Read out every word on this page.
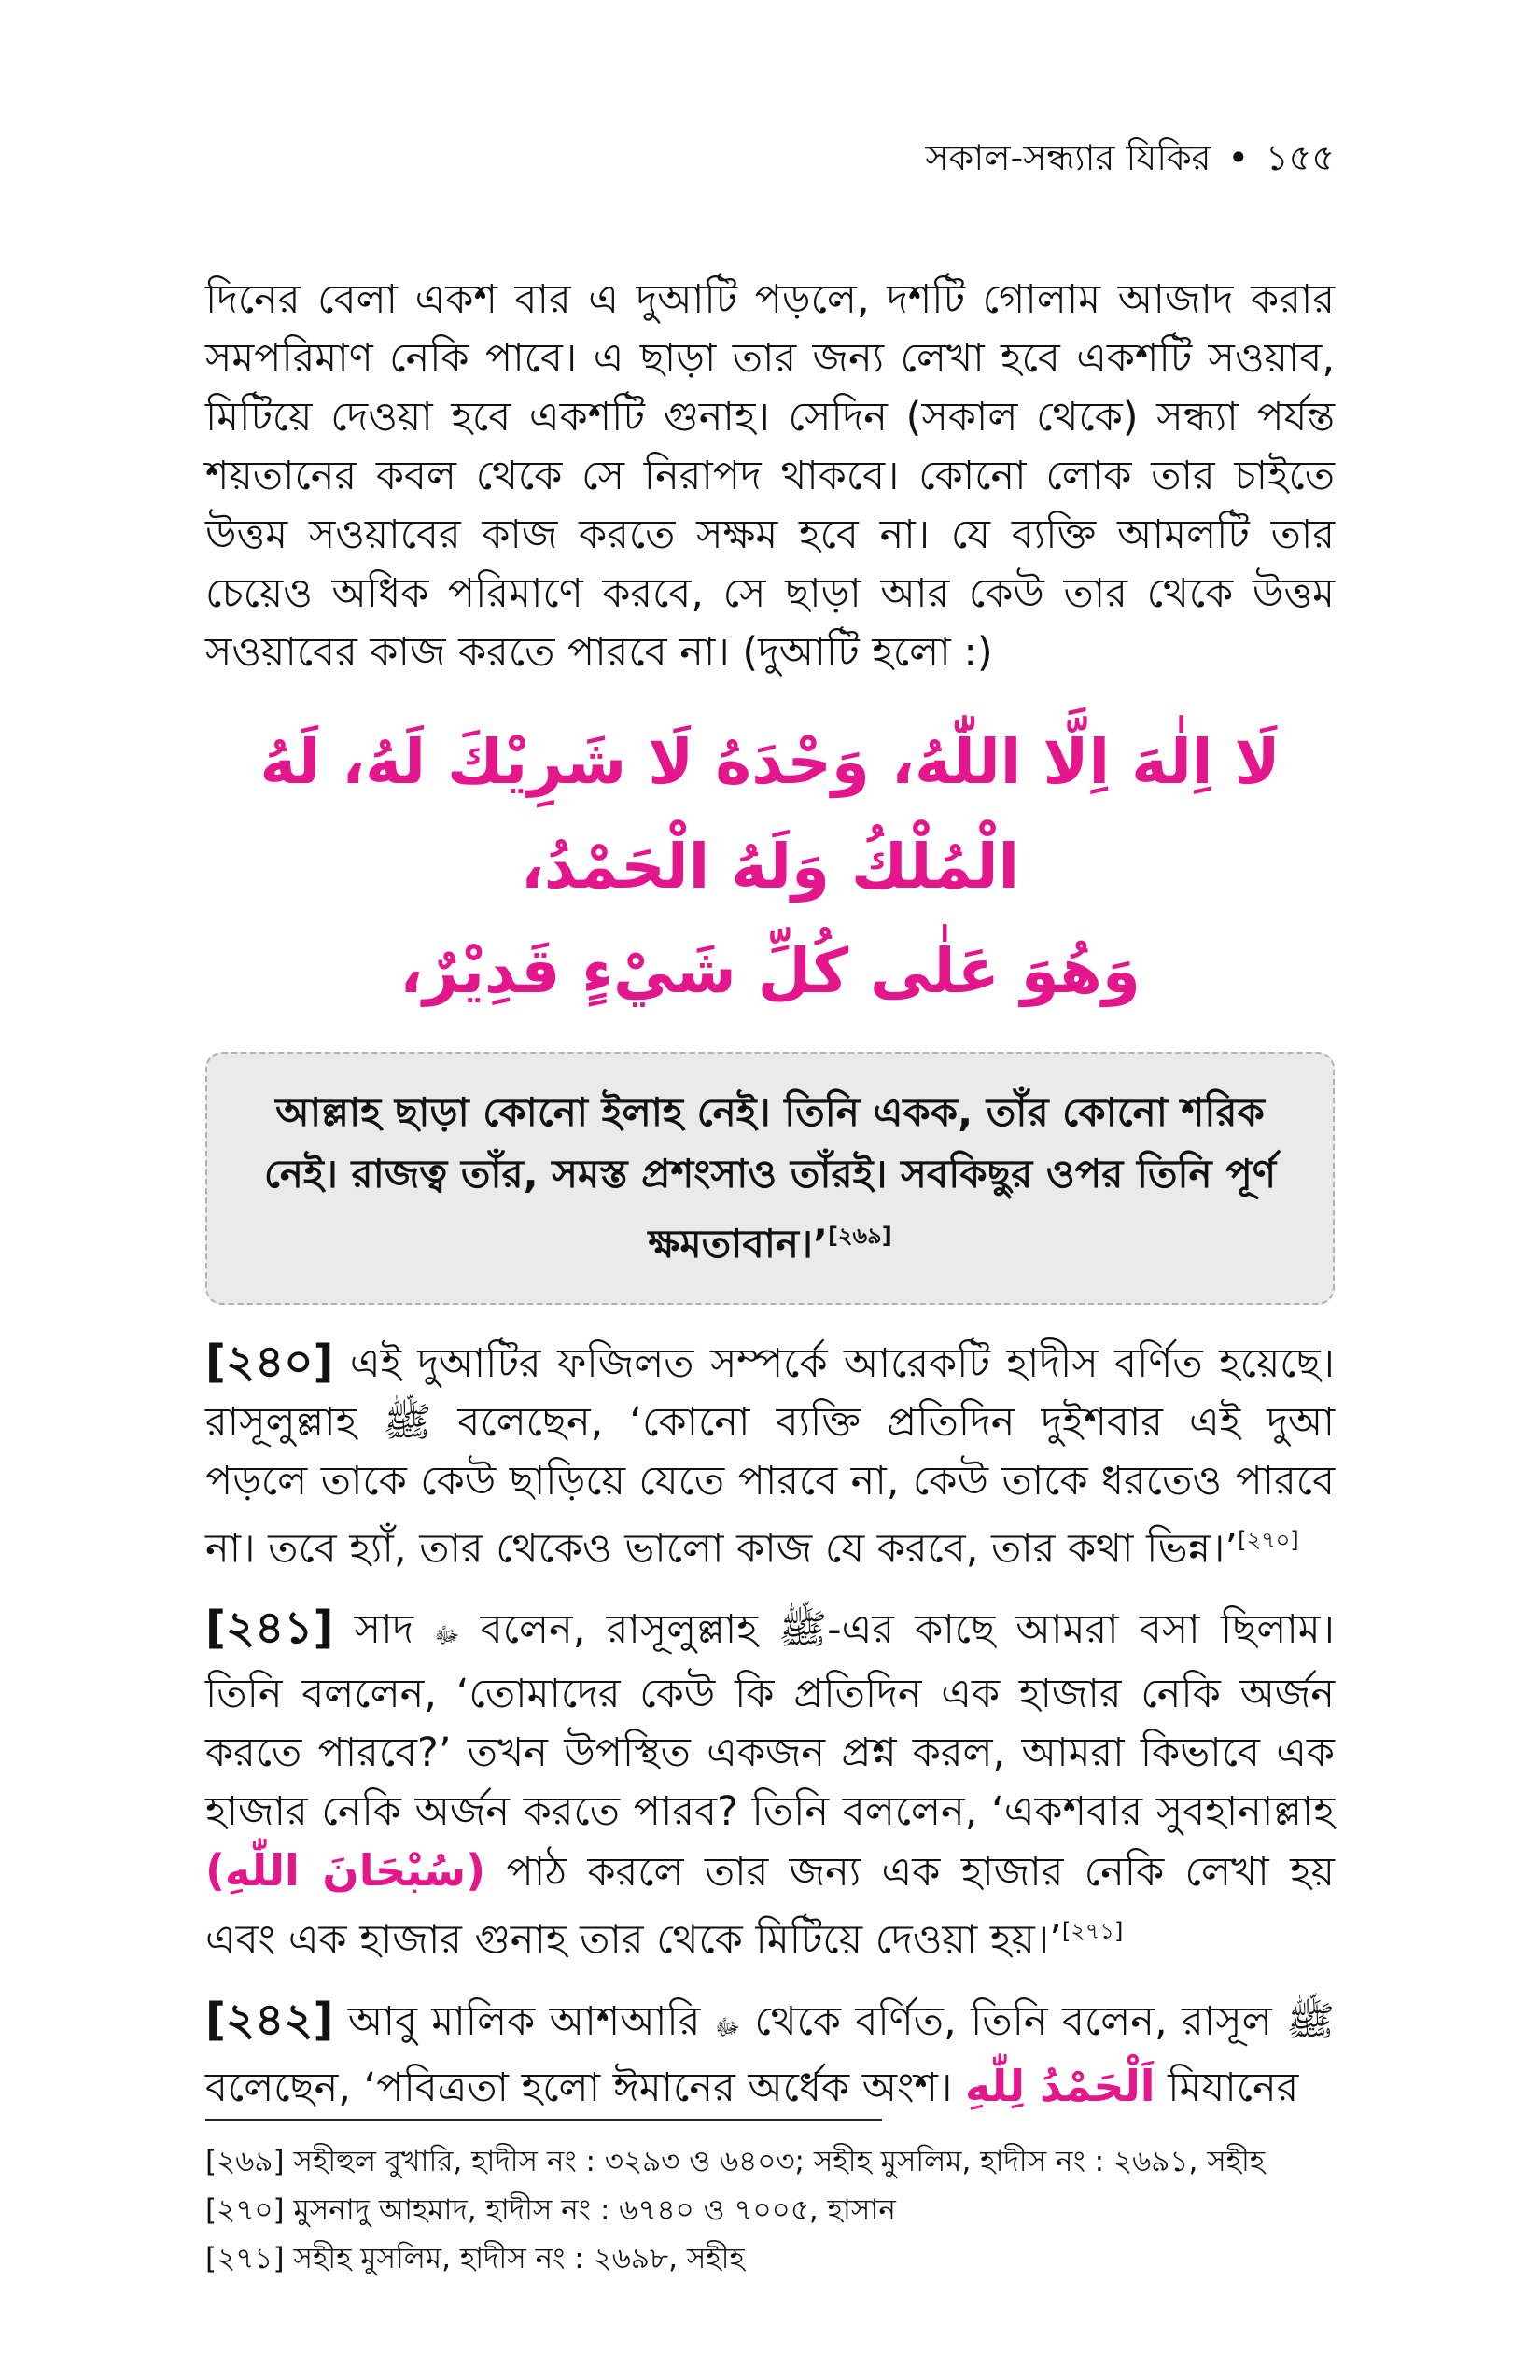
সকাল-সন্ধ্যার যিকির • ১৫৫

দিনের বেলা একশ বার এ দুআটি পড়লে, দশটি গোলাম আজাদ করার সমপরিমাণ নেকি পাবে। এ ছাড়া তার জন্য লেখা হবে একশটি সওয়াব, মিটিয়ে দেওয়া হবে একশটি গুনাহ। সেদিন (সকাল থেকে) সন্ধ্যা পর্যন্ত শয়তানের কবল থেকে সে নিরাপদ থাকবে। কোনো লোক তার চাইতে উত্তম সওয়াবের কাজ করতে সক্ষম হবে না। যে ব্যক্তি আমলটি তার চেয়েও অধিক পরিমাণে করবে, সে ছাড়া আর কেউ তার থেকে উত্তম সওয়াবের কাজ করতে পারবে না। (দুআটি হলো :)

لَا اِلٰهَ اِلَّا اللّٰهُ، وَحْدَهُ لَا شَرِيْكَ لَهُ، لَهُ الْمُلْكُ وَلَهُ الْحَمْدُ،
وَهُوَ عَلٰى كُلِّ شَيْءٍ قَدِيْرٌ،
আল্লাহ ছাড়া কোনো ইলাহ নেই। তিনি একক, তাঁর কোনো শরিক নেই। রাজত্ব তাঁর, সমস্ত প্রশংসাও তাঁরই। সবকিছুর ওপর তিনি পূর্ণ ক্ষমতাবান।’[২৬৯]

[২৪০] এই দুআটির ফজিলত সম্পর্কে আরেকটি হাদীস বর্ণিত হয়েছে। রাসূলুল্লাহ ﷺ বলেছেন, ‘কোনো ব্যক্তি প্রতিদিন দুইশবার এই দুআ পড়লে তাকে কেউ ছাড়িয়ে যেতে পারবে না, কেউ তাকে ধরতেও পারবে না। তবে হ্যাঁ, তার থেকেও ভালো কাজ যে করবে, তার কথা ভিন্ন।’[২৭০]

[২৪১] সাদ ﷻ বলেন, রাসূলুল্লাহ ﷺ-এর কাছে আমরা বসা ছিলাম। তিনি বললেন, ‘তোমাদের কেউ কি প্রতিদিন এক হাজার নেকি অর্জন করতে পারবে?’ তখন উপস্থিত একজন প্রশ্ন করল, আমরা কিভাবে এক হাজার নেকি অর্জন করতে পারব? তিনি বললেন, ‘একশবার সুবহানাল্লাহ (سُبْحَانَ اللّٰهِ) পাঠ করলে তার জন্য এক হাজার নেকি লেখা হয় এবং এক হাজার গুনাহ তার থেকে মিটিয়ে দেওয়া হয়।’[২৭১]

[২৪২] আবু মালিক আশআরি ﷻ থেকে বর্ণিত, তিনি বলেন, রাসূল ﷺ বলেছেন, ‘পবিত্রতা হলো ঈমানের অর্ধেক অংশ। اَلْحَمْدُ لِلّٰهِ মিযানের

[২৬৯] সহীহুল বুখারি, হাদীস নং : ৩২৯৩ ও ৬৪০৩; সহীহ মুসলিম, হাদীস নং : ২৬৯১, সহীহ
[২৭০] মুসনাদু আহমাদ, হাদীস নং : ৬৭৪০ ও ৭০০৫, হাসান
[২৭১] সহীহ মুসলিম, হাদীস নং : ২৬৯৮, সহীহ
